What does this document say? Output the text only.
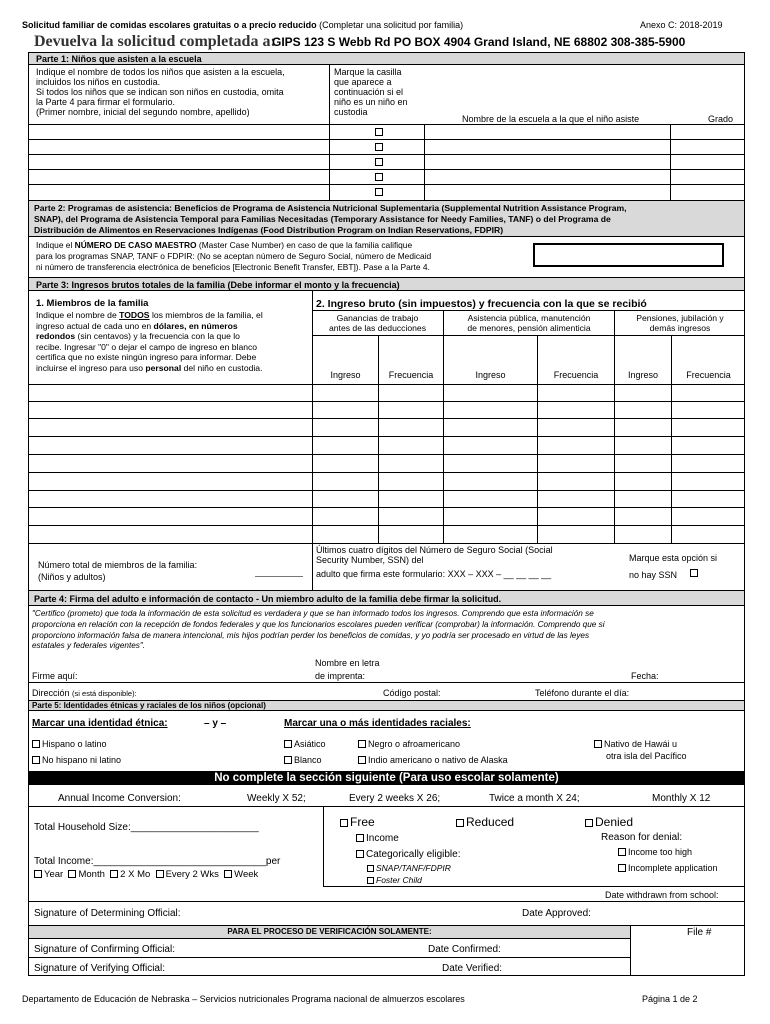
Solicitud familiar de comidas escolares gratuitas o a precio reducido (Completar una solicitud por familia)	Anexo C: 2018-2019
Devuelva la solicitud completada a:
GIPS 123 S Webb Rd PO BOX 4904 Grand Island, NE 68802 308-385-5900
Parte 1: Niños que asisten a la escuela
Indique el nombre de todos los niños que asisten a la escuela,
incluidos los niños en custodia.
Si todos los niños que se indican son niños en custodia, omita
la Parte 4 para firmar el formulario.
(Primer nombre, inicial del segundo nombre, apellido)
Marque la casilla
que aparece a
continuación si el
niño es un niño en
custodia
Nombre de la escuela a la que el niño asiste	Grado
Parte 2: Programas de asistencia: Beneficios de Programa de Asistencia Nutricional Suplementaria (Supplemental Nutrition Assistance Program,
SNAP), del Programa de Asistencia Temporal para Familias Necesitadas (Temporary Assistance for Needy Families, TANF) o del Programa de
Distribución de Alimentos en Reservaciones Indígenas (Food Distribution Program on Indian Reservations, FDPIR)
Indique el NÚMERO DE CASO MAESTRO (Master Case Number) en caso de que la familia califique
para los programas SNAP, TANF o FDPIR: (No se aceptan número de Seguro Social, número de Medicaid
ni número de transferencia electrónica de beneficios [Electronic Benefit Transfer, EBT]). Pase a la Parte 4.
Parte 3: Ingresos brutos totales de la familia (Debe informar el monto y la frecuencia)
1. Miembros de la familia
Indique el nombre de TODOS los miembros de la familia, el
ingreso actual de cada uno en dólares, en números
redondos (sin centavos) y la frecuencia con la que lo
recibe. Ingresar "0" o dejar el campo de ingreso en blanco
certifica que no existe ningún ingreso para informar. Debe
incluirse el ingreso para uso personal del niño en custodia.
2. Ingreso bruto (sin impuestos) y frecuencia con la que se recibió
Ganancias de trabajo
antes de las deducciones
Asistencia pública, manutención
de menores, pensión alimenticia
Pensiones, jubilación y
demás ingresos
Ingreso	Frecuencia	Ingreso	Frecuencia	Ingreso	Frecuencia
Número total de miembros de la familia:
(Niños y adultos)
Últimos cuatro dígitos del Número de Seguro Social (Social
Security Number, SSN) del
adulto que firma este formulario: XXX – XXX – __ __ __ __
Marque esta opción si
no hay SSN
Parte 4: Firma del adulto e información de contacto - Un miembro adulto de la familia debe firmar la solicitud.
"Certifico (prometo) que toda la información de esta solicitud es verdadera y que se han informado todos los ingresos. Comprendo que esta información se
proporciona en relación con la recepción de fondos federales y que los funcionarios escolares pueden verificar (comprobar) la información. Comprendo que si
proporciono información falsa de manera intencional, mis hijos podrían perder los beneficios de comidas, y yo podría ser procesado en virtud de las leyes
estatales y federales vigentes".
Firme aquí:
Nombre en letra
de imprenta:	Fecha:
Dirección (si está disponible):	Código postal:	Teléfono durante el día:
Parte 5: Identidades étnicas y raciales de los niños (opcional)
Marcar una identidad étnica:	– y –	Marcar una o más identidades raciales:
Hispano o latino
No hispano ni latino
Asiático
Blanco
Negro o afroamericano
Indio americano o nativo de Alaska
Nativo de Hawái u
otra isla del Pacífico
No complete la sección siguiente (Para uso escolar solamente)
Annual Income Conversion:	Weekly X 52;	Every 2 weeks X 26;	Twice a month X 24;	Monthly X 12
Total Household Size:_______________________
Total Income:_______________________________per
Year Month 2 X Mo Every 2 Wks Week
Free
Income
Categorically eligible:
SNAP/TANF/FDPIR
Foster Child
Reduced	Denied
Reason for denial:
Income too high
Incomplete application
Date withdrawn from school:
Signature of Determining Official:	Date Approved:
PARA EL PROCESO DE VERIFICACIÓN SOLAMENTE:	File #
Signature of Confirming Official:	Date Confirmed:
Signature of Verifying Official:	Date Verified:
Departamento de Educación de Nebraska – Servicios nutricionales Programa nacional de almuerzos escolares	Página 1 de 2
